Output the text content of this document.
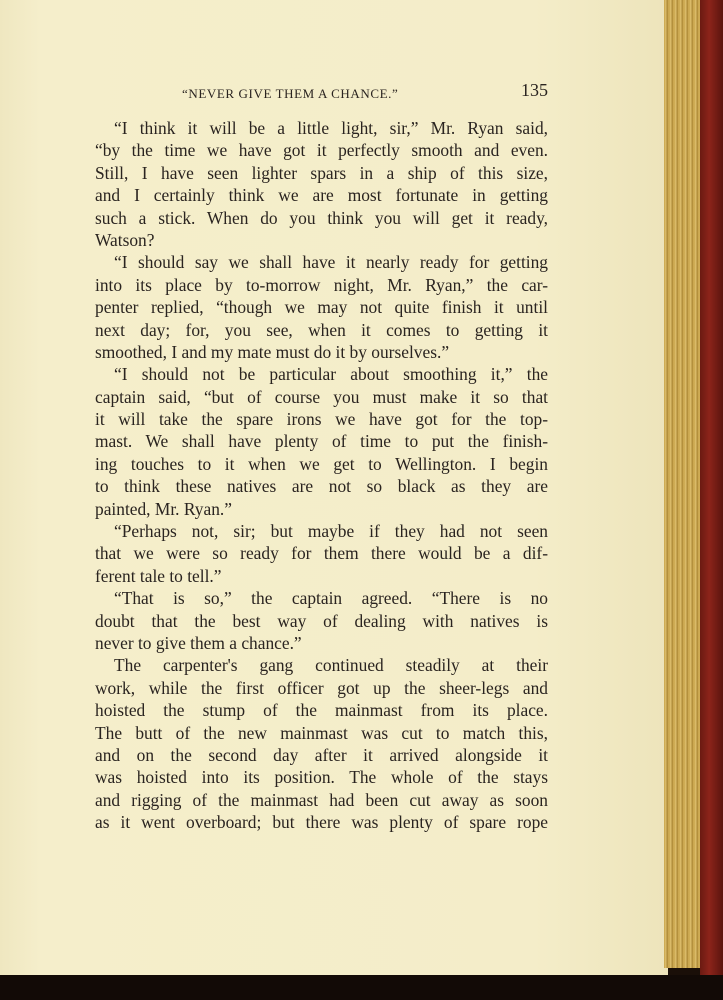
“NEVER GIVE THEM A CHANCE.”	135
“I think it will be a little light, sir,” Mr. Ryan said,
“by the time we have got it perfectly smooth and even.
Still, I have seen lighter spars in a ship of this size,
and I certainly think we are most fortunate in getting
such a stick. When do you think you will get it ready,
Watson?
“I should say we shall have it nearly ready for getting
into its place by to-morrow night, Mr. Ryan,” the car-
penter replied, “though we may not quite finish it until
next day; for, you see, when it comes to getting it
smoothed, I and my mate must do it by ourselves.”
“I should not be particular about smoothing it,” the
captain said, “but of course you must make it so that
it will take the spare irons we have got for the top-
mast. We shall have plenty of time to put the finish-
ing touches to it when we get to Wellington. I begin
to think these natives are not so black as they are
painted, Mr. Ryan.”
“Perhaps not, sir; but maybe if they had not seen
that we were so ready for them there would be a dif-
ferent tale to tell.”
“That is so,” the captain agreed. “There is no
doubt that the best way of dealing with natives is
never to give them a chance.”
The carpenter's gang continued steadily at their
work, while the first officer got up the sheer-legs and
hoisted the stump of the mainmast from its place.
The butt of the new mainmast was cut to match this,
and on the second day after it arrived alongside it
was hoisted into its position. The whole of the stays
and rigging of the mainmast had been cut away as soon
as it went overboard; but there was plenty of spare rope
